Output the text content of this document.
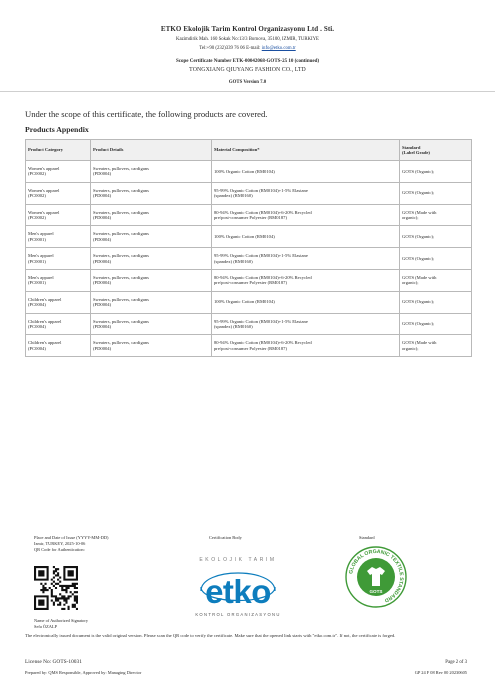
ETKO Ekolojik Tarim Kontrol Organizasyonu Ltd . Sti.
Kazimdirik Mah. 160 Sokak No:13/3 Bornova, 35100, IZMIR, TURKIYE
Tel:+90 (232)339 76 06 E-mail: info@etko.com.tr
Scope Certificate Number ETK-00042068-GOTS-25 10 (continued)
TONGXIANG QIUYANG FASHION CO., LTD
GOTS Version 7.0
Under the scope of this certificate, the following products are covered.
Products Appendix
Product Category	Product Details	Material Composition*	Standard
(Label Grade)
Women's apparel
(PC0002)	Sweaters, pullovers, cardigans
(PD0004)	100% Organic Cotton (RM0104)	GOTS (Organic);
Women's apparel
(PC0002)	Sweaters, pullovers, cardigans
(PD0004)	95-99% Organic Cotton (RM0104)+1-5% Elastane
(spandex) (RM0160)	GOTS (Organic);
Women's apparel
(PC0002)	Sweaters, pullovers, cardigans
(PD0004)	80-94% Organic Cotton (RM0104)+6-20% Recycled
pre/post-consumer Polyester (RM0187)	GOTS (Made with
organic);
Men's apparel
(PC0001)	Sweaters, pullovers, cardigans
(PD0004)	100% Organic Cotton (RM0104)	GOTS (Organic);
Men's apparel
(PC0001)	Sweaters, pullovers, cardigans
(PD0004)	95-99% Organic Cotton (RM0104)+1-5% Elastane
(spandex) (RM0160)	GOTS (Organic);
Men's apparel
(PC0001)	Sweaters, pullovers, cardigans
(PD0004)	80-94% Organic Cotton (RM0104)+6-20% Recycled
pre/post-consumer Polyester (RM0187)	GOTS (Made with
organic);
Children's apparel
(PC0004)	Sweaters, pullovers, cardigans
(PD0004)	100% Organic Cotton (RM0104)	GOTS (Organic);
Children's apparel
(PC0004)	Sweaters, pullovers, cardigans
(PD0004)	95-99% Organic Cotton (RM0104)+1-5% Elastane
(spandex) (RM0160)	GOTS (Organic);
Children's apparel
(PC0004)	Sweaters, pullovers, cardigans
(PD0004)	80-94% Organic Cotton (RM0104)+6-20% Recycled
pre/post-consumer Polyester (RM0187)	GOTS (Made with
organic);
Place and Date of Issue (YYYY-MM-DD)
Izmir, TURKEY, 2025-10-06
QR Code for Authentication:
Certification Body	Standard
EKOLOJIK TARIM
etko
KONTROL ORGANIZASYONU
GLOBAL ORGANIC TEXTILE STANDARD
GOTS
Name of Authorized Signatory
Sefa ÖZALP
The electronically issued document is the valid original version. Please scan the QR code to verify the certificate. Make sure that the opened link starts with "etko.com.tr". If not, the certificate is forged.
License No: GOTS-10031	Page 2 of 3
Prepared by: QMS Responsible, Approved by: Managing Director	GP 24 F 08 Rev 00 20230605
